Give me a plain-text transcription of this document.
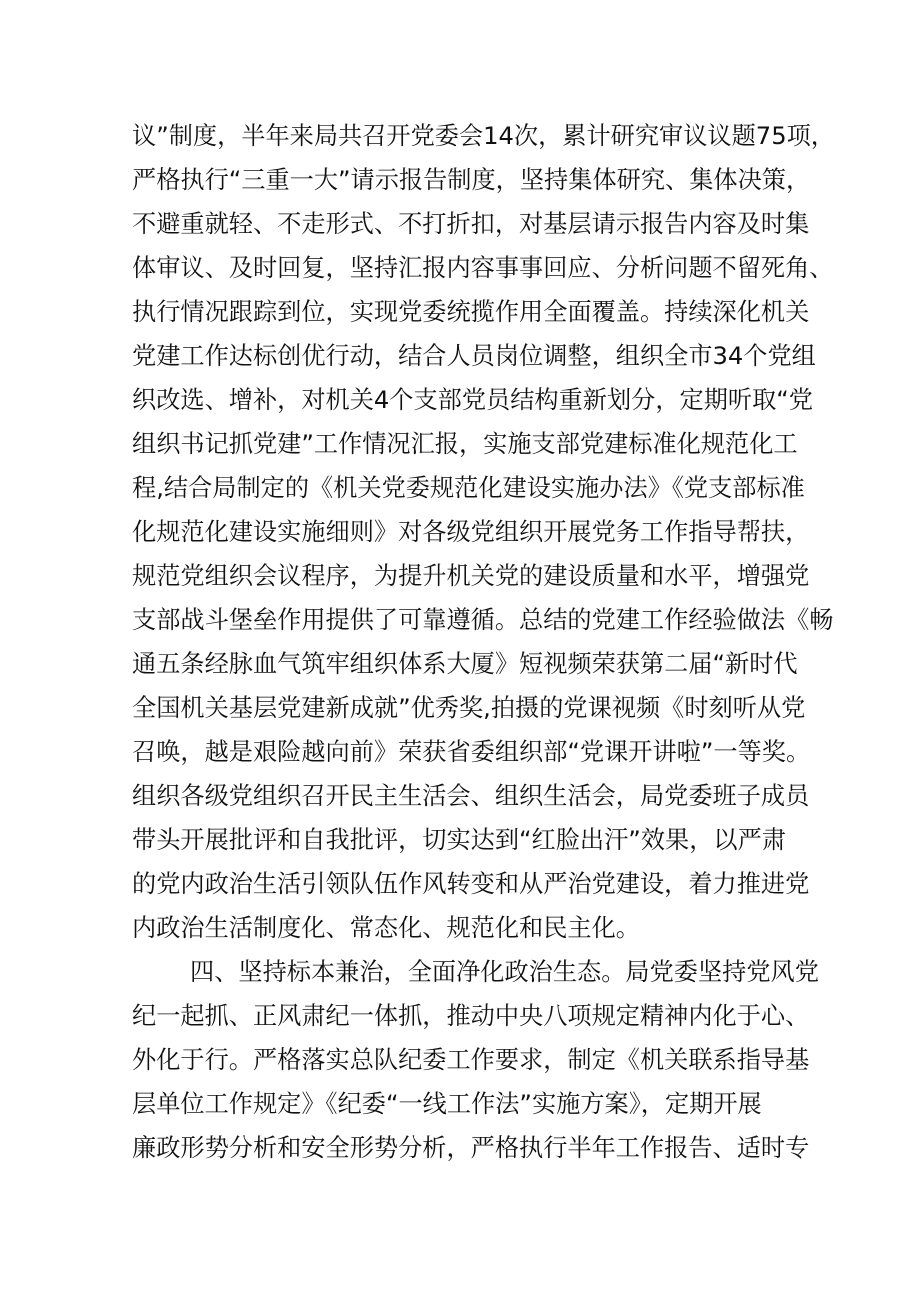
议”制度，半年来局共召开党委会14次，累计研究审议议题75项，
严格执行“三重一大”请示报告制度，坚持集体研究、集体决策，
不避重就轻、不走形式、不打折扣，对基层请示报告内容及时集
体审议、及时回复，坚持汇报内容事事回应、分析问题不留死角、
执行情况跟踪到位，实现党委统揽作用全面覆盖。持续深化机关
党建工作达标创优行动，结合人员岗位调整，组织全市34个党组
织改选、增补，对机关4个支部党员结构重新划分，定期听取“党
组织书记抓党建”工作情况汇报，实施支部党建标准化规范化工
程,结合局制定的《机关党委规范化建设实施办法》《党支部标准
化规范化建设实施细则》对各级党组织开展党务工作指导帮扶，
规范党组织会议程序，为提升机关党的建设质量和水平，增强党
支部战斗堡垒作用提供了可靠遵循。总结的党建工作经验做法《畅
通五条经脉血气筑牢组织体系大厦》短视频荣获第二届“新时代
全国机关基层党建新成就”优秀奖,拍摄的党课视频《时刻听从党
召唤，越是艰险越向前》荣获省委组织部“党课开讲啦”一等奖。
组织各级党组织召开民主生活会、组织生活会，局党委班子成员
带头开展批评和自我批评，切实达到“红脸出汗”效果，以严肃
的党内政治生活引领队伍作风转变和从严治党建设，着力推进党
内政治生活制度化、常态化、规范化和民主化。
四、坚持标本兼治，全面净化政治生态。局党委坚持党风党
纪一起抓、正风肃纪一体抓，推动中央八项规定精神内化于心、
外化于行。严格落实总队纪委工作要求，制定《机关联系指导基
层单位工作规定》《纪委“一线工作法”实施方案》，定期开展
廉政形势分析和安全形势分析，严格执行半年工作报告、适时专
